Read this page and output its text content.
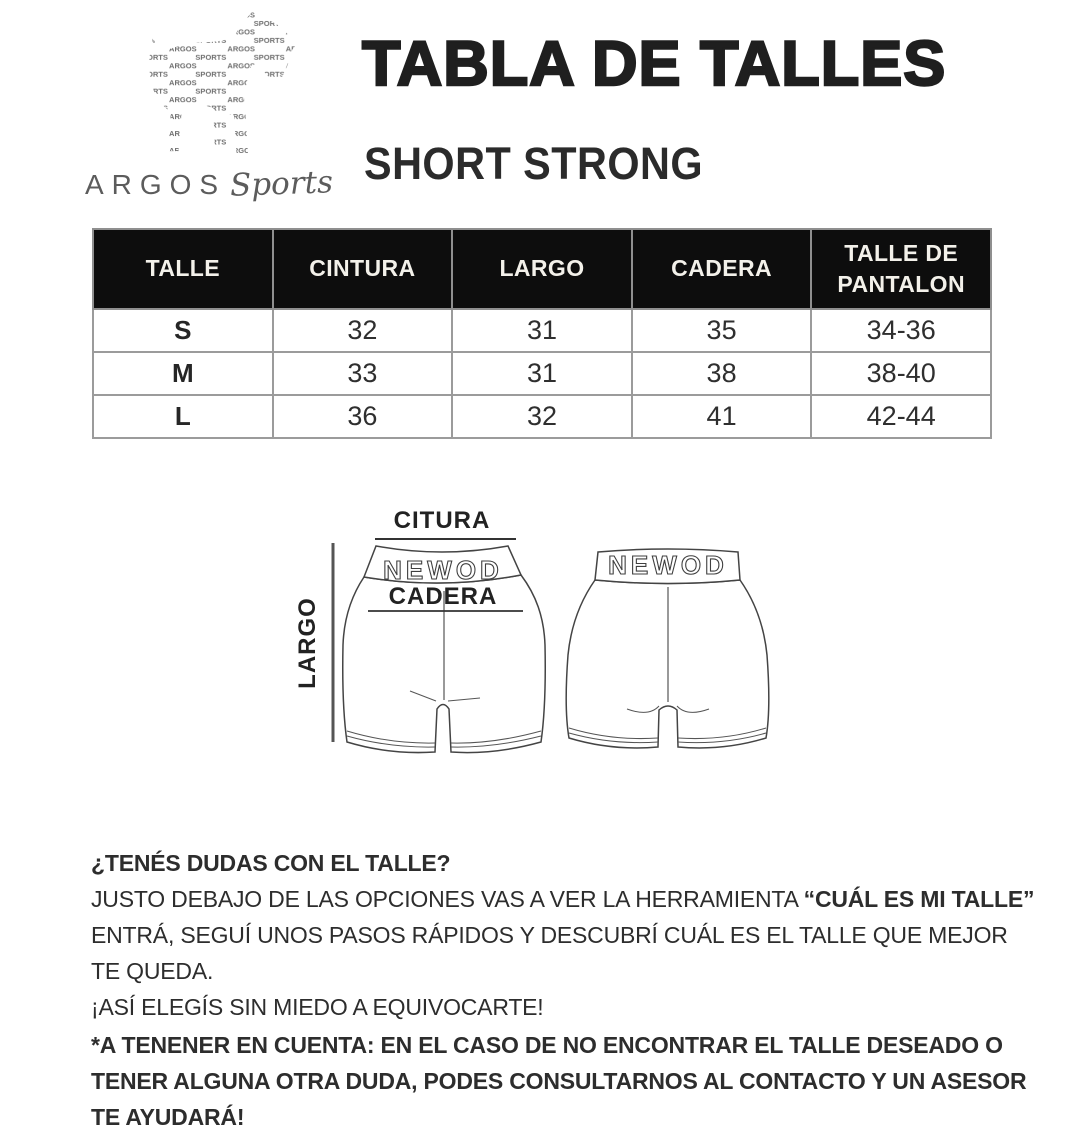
ARGOS Sports
TABLA DE TALLES
SHORT STRONG
TALLE	CINTURA	LARGO	CADERA	TALLE DE PANTALON
S	32	31	35	34-36
M	33	31	38	38-40
L	36	32	41	42-44
LARGO
CITURA
NEWOD
CADERA
NEWOD

¿TENÉS DUDAS CON EL TALLE?

JUSTO DEBAJO DE LAS OPCIONES VAS A VER LA HERRAMIENTA “CUÁL ES MI TALLE”

ENTRÁ, SEGUÍ UNOS PASOS RÁPIDOS Y DESCUBRÍ CUÁL ES EL TALLE QUE MEJOR TE QUEDA.

¡ASÍ ELEGÍS SIN MIEDO A EQUIVOCARTE!

*A TENENER EN CUENTA: EN EL CASO DE NO ENCONTRAR EL TALLE DESEADO O TENER ALGUNA OTRA DUDA, PODES CONSULTARNOS AL CONTACTO Y UN ASESOR TE AYUDARÁ!
